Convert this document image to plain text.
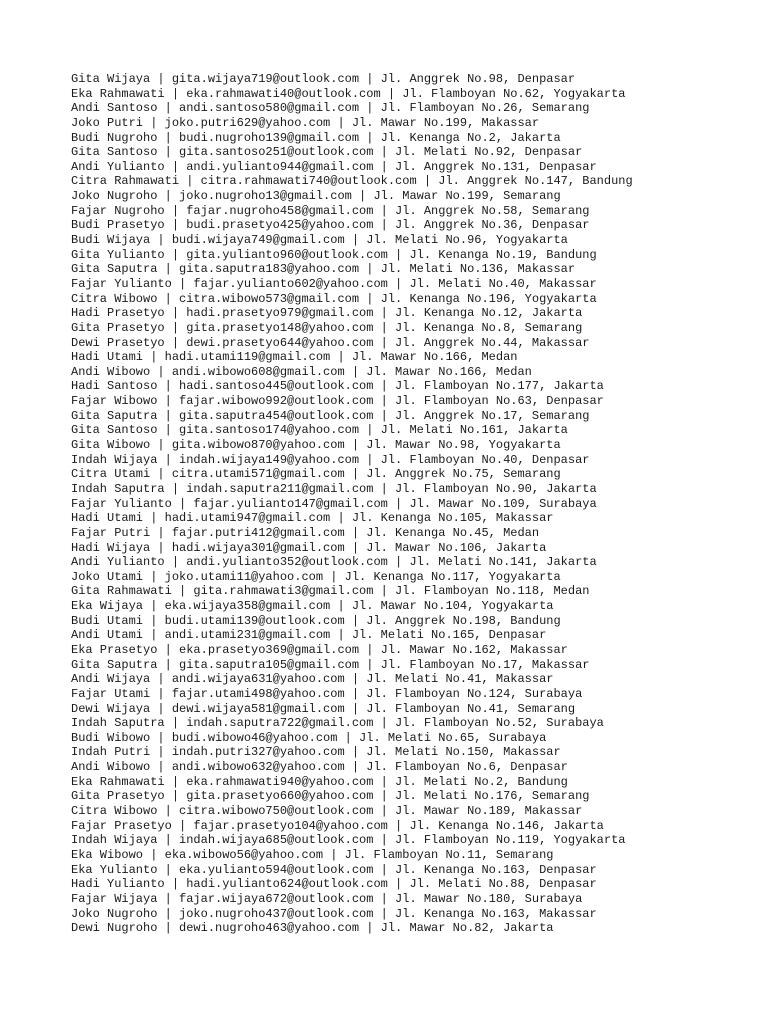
Gita Wijaya | gita.wijaya719@outlook.com | Jl. Anggrek No.98, Denpasar
Eka Rahmawati | eka.rahmawati40@outlook.com | Jl. Flamboyan No.62, Yogyakarta
Andi Santoso | andi.santoso580@gmail.com | Jl. Flamboyan No.26, Semarang
Joko Putri | joko.putri629@yahoo.com | Jl. Mawar No.199, Makassar
Budi Nugroho | budi.nugroho139@gmail.com | Jl. Kenanga No.2, Jakarta
Gita Santoso | gita.santoso251@outlook.com | Jl. Melati No.92, Denpasar
Andi Yulianto | andi.yulianto944@gmail.com | Jl. Anggrek No.131, Denpasar
Citra Rahmawati | citra.rahmawati740@outlook.com | Jl. Anggrek No.147, Bandung
Joko Nugroho | joko.nugroho13@gmail.com | Jl. Mawar No.199, Semarang
Fajar Nugroho | fajar.nugroho458@gmail.com | Jl. Anggrek No.58, Semarang
Budi Prasetyo | budi.prasetyo425@yahoo.com | Jl. Anggrek No.36, Denpasar
Budi Wijaya | budi.wijaya749@gmail.com | Jl. Melati No.96, Yogyakarta
Gita Yulianto | gita.yulianto960@outlook.com | Jl. Kenanga No.19, Bandung
Gita Saputra | gita.saputra183@yahoo.com | Jl. Melati No.136, Makassar
Fajar Yulianto | fajar.yulianto602@yahoo.com | Jl. Melati No.40, Makassar
Citra Wibowo | citra.wibowo573@gmail.com | Jl. Kenanga No.196, Yogyakarta
Hadi Prasetyo | hadi.prasetyo979@gmail.com | Jl. Kenanga No.12, Jakarta
Gita Prasetyo | gita.prasetyo148@yahoo.com | Jl. Kenanga No.8, Semarang
Dewi Prasetyo | dewi.prasetyo644@yahoo.com | Jl. Anggrek No.44, Makassar
Hadi Utami | hadi.utami119@gmail.com | Jl. Mawar No.166, Medan
Andi Wibowo | andi.wibowo608@gmail.com | Jl. Mawar No.166, Medan
Hadi Santoso | hadi.santoso445@outlook.com | Jl. Flamboyan No.177, Jakarta
Fajar Wibowo | fajar.wibowo992@outlook.com | Jl. Flamboyan No.63, Denpasar
Gita Saputra | gita.saputra454@outlook.com | Jl. Anggrek No.17, Semarang
Gita Santoso | gita.santoso174@yahoo.com | Jl. Melati No.161, Jakarta
Gita Wibowo | gita.wibowo870@yahoo.com | Jl. Mawar No.98, Yogyakarta
Indah Wijaya | indah.wijaya149@yahoo.com | Jl. Flamboyan No.40, Denpasar
Citra Utami | citra.utami571@gmail.com | Jl. Anggrek No.75, Semarang
Indah Saputra | indah.saputra211@gmail.com | Jl. Flamboyan No.90, Jakarta
Fajar Yulianto | fajar.yulianto147@gmail.com | Jl. Mawar No.109, Surabaya
Hadi Utami | hadi.utami947@gmail.com | Jl. Kenanga No.105, Makassar
Fajar Putri | fajar.putri412@gmail.com | Jl. Kenanga No.45, Medan
Hadi Wijaya | hadi.wijaya301@gmail.com | Jl. Mawar No.106, Jakarta
Andi Yulianto | andi.yulianto352@outlook.com | Jl. Melati No.141, Jakarta
Joko Utami | joko.utami11@yahoo.com | Jl. Kenanga No.117, Yogyakarta
Gita Rahmawati | gita.rahmawati3@gmail.com | Jl. Flamboyan No.118, Medan
Eka Wijaya | eka.wijaya358@gmail.com | Jl. Mawar No.104, Yogyakarta
Budi Utami | budi.utami139@outlook.com | Jl. Anggrek No.198, Bandung
Andi Utami | andi.utami231@gmail.com | Jl. Melati No.165, Denpasar
Eka Prasetyo | eka.prasetyo369@gmail.com | Jl. Mawar No.162, Makassar
Gita Saputra | gita.saputra105@gmail.com | Jl. Flamboyan No.17, Makassar
Andi Wijaya | andi.wijaya631@yahoo.com | Jl. Melati No.41, Makassar
Fajar Utami | fajar.utami498@yahoo.com | Jl. Flamboyan No.124, Surabaya
Dewi Wijaya | dewi.wijaya581@gmail.com | Jl. Flamboyan No.41, Semarang
Indah Saputra | indah.saputra722@gmail.com | Jl. Flamboyan No.52, Surabaya
Budi Wibowo | budi.wibowo46@yahoo.com | Jl. Melati No.65, Surabaya
Indah Putri | indah.putri327@yahoo.com | Jl. Melati No.150, Makassar
Andi Wibowo | andi.wibowo632@yahoo.com | Jl. Flamboyan No.6, Denpasar
Eka Rahmawati | eka.rahmawati940@yahoo.com | Jl. Melati No.2, Bandung
Gita Prasetyo | gita.prasetyo660@yahoo.com | Jl. Melati No.176, Semarang
Citra Wibowo | citra.wibowo750@outlook.com | Jl. Mawar No.189, Makassar
Fajar Prasetyo | fajar.prasetyo104@yahoo.com | Jl. Kenanga No.146, Jakarta
Indah Wijaya | indah.wijaya685@outlook.com | Jl. Flamboyan No.119, Yogyakarta
Eka Wibowo | eka.wibowo56@yahoo.com | Jl. Flamboyan No.11, Semarang
Eka Yulianto | eka.yulianto594@outlook.com | Jl. Kenanga No.163, Denpasar
Hadi Yulianto | hadi.yulianto624@outlook.com | Jl. Melati No.88, Denpasar
Fajar Wijaya | fajar.wijaya672@outlook.com | Jl. Mawar No.180, Surabaya
Joko Nugroho | joko.nugroho437@outlook.com | Jl. Kenanga No.163, Makassar
Dewi Nugroho | dewi.nugroho463@yahoo.com | Jl. Mawar No.82, Jakarta
